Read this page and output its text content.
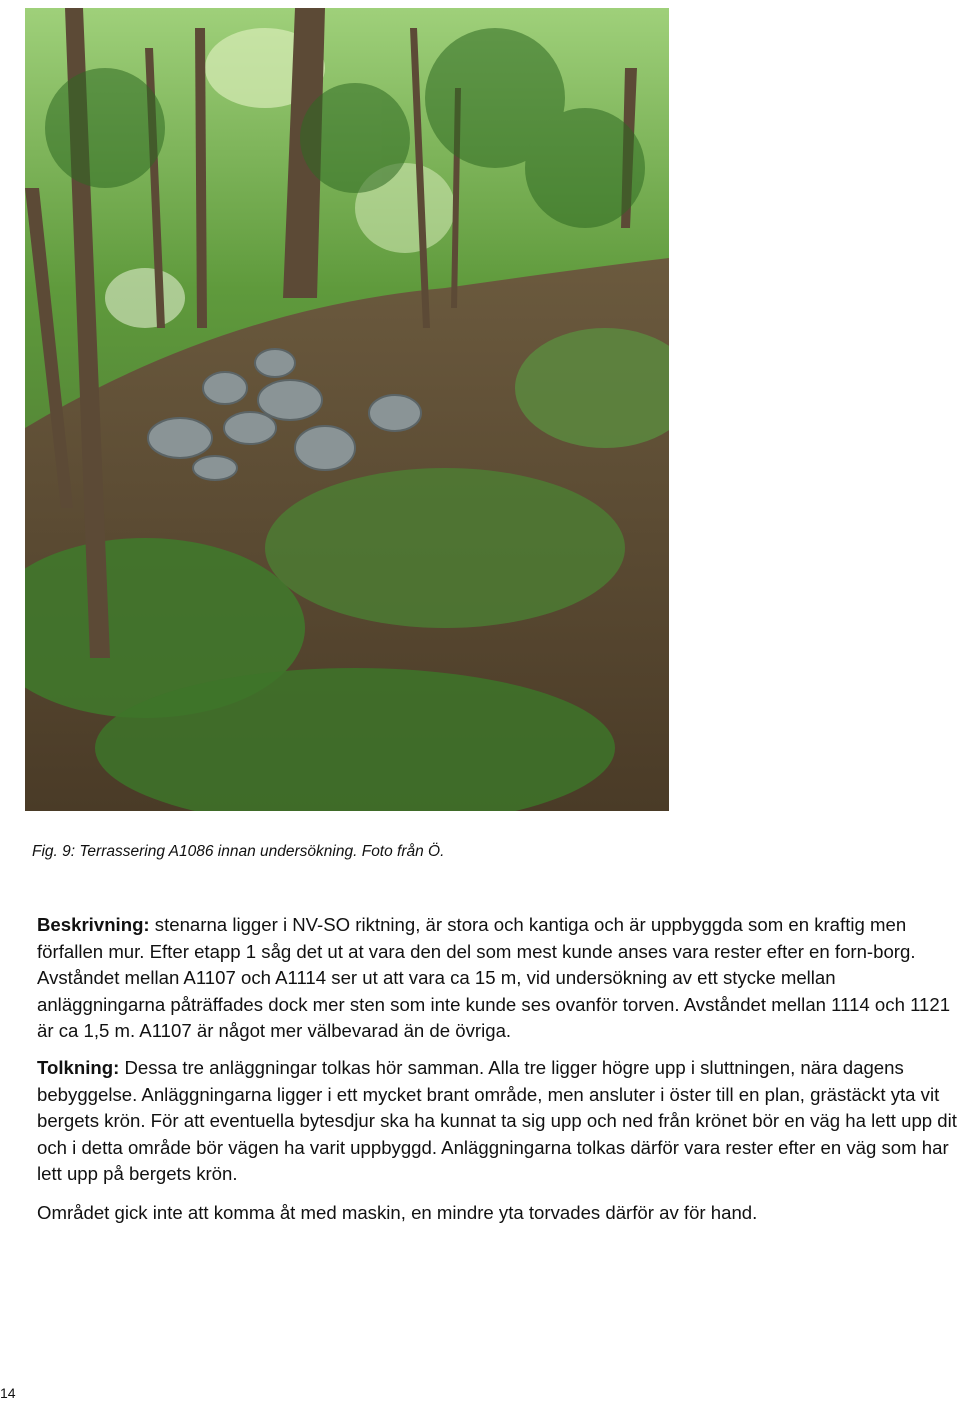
Fig. 9: Terrassering A1086 innan undersökning. Foto från Ö.
Beskrivning: stenarna ligger i NV-SO riktning, är stora och kantiga och är uppbyggda som en kraftig men förfallen mur. Efter etapp 1 såg det ut at vara den del som mest kunde anses vara rester efter en forn-borg. Avståndet mellan A1107 och A1114 ser ut att vara ca 15 m, vid undersökning av ett stycke mellan anläggningarna påträffades dock mer sten som inte kunde ses ovanför torven. Avståndet mellan 1114 och 1121 är ca 1,5 m. A1107 är något mer välbevarad än de övriga.
Tolkning: Dessa tre anläggningar tolkas hör samman. Alla tre ligger högre upp i sluttningen, nära dagens bebyggelse. Anläggningarna ligger i ett mycket brant område, men ansluter i öster till en plan, grästäckt yta vit bergets krön. För att eventuella bytesdjur ska ha kunnat ta sig upp och ned från krönet bör en väg ha lett upp dit och i detta område bör vägen ha varit uppbyggd. Anläggningarna tolkas därför vara rester efter en väg som har lett upp på bergets krön.
Området gick inte att komma åt med maskin, en mindre yta torvades därför av för hand.
14
